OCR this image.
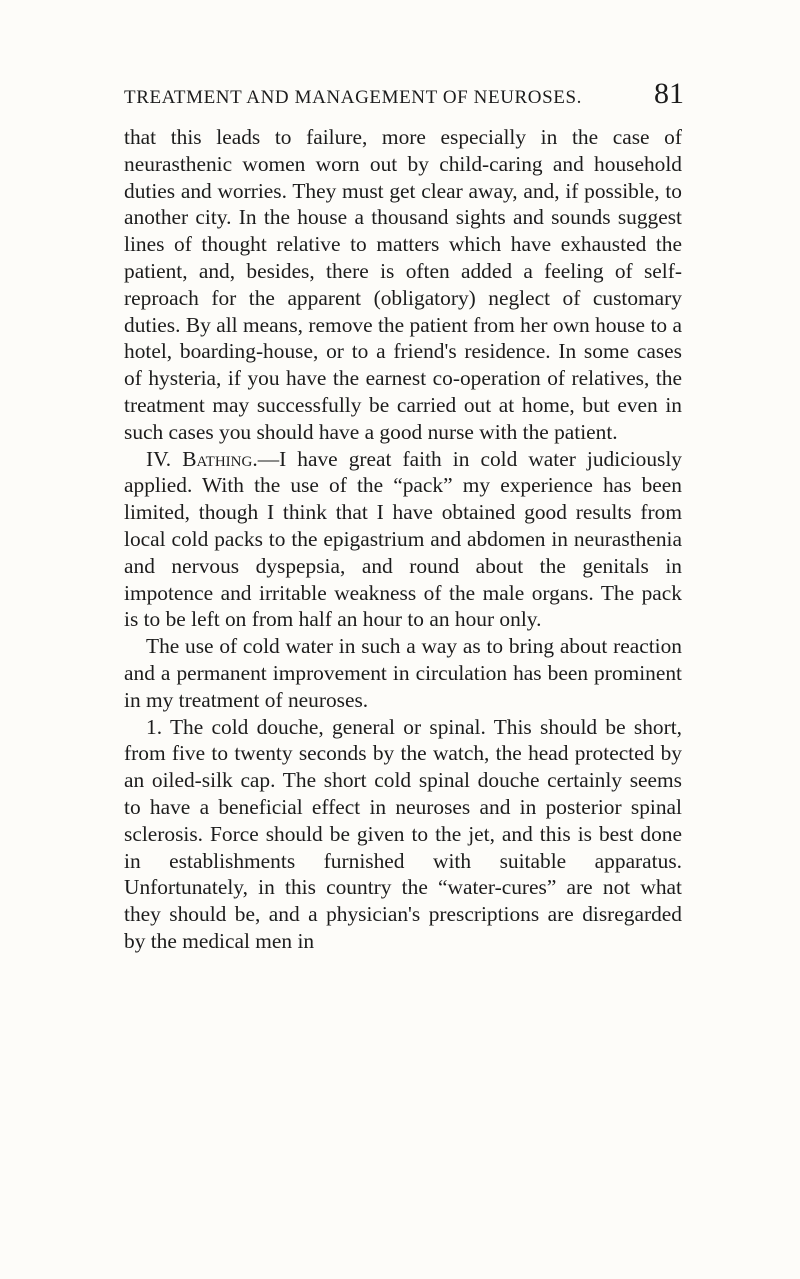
TREATMENT AND MANAGEMENT OF NEUROSES. 81

that this leads to failure, more especially in the case of neurasthenic women worn out by child-caring and household duties and worries. They must get clear away, and, if possible, to another city. In the house a thousand sights and sounds suggest lines of thought relative to matters which have exhausted the patient, and, besides, there is often added a feeling of self-reproach for the apparent (obligatory) neglect of customary duties. By all means, remove the patient from her own house to a hotel, boarding-house, or to a friend's residence. In some cases of hysteria, if you have the earnest co-operation of relatives, the treatment may successfully be carried out at home, but even in such cases you should have a good nurse with the patient.

IV. Bathing.—I have great faith in cold water judiciously applied. With the use of the “pack” my experience has been limited, though I think that I have obtained good results from local cold packs to the epigastrium and abdomen in neurasthenia and nervous dyspepsia, and round about the genitals in impotence and irritable weakness of the male organs. The pack is to be left on from half an hour to an hour only.

The use of cold water in such a way as to bring about reaction and a permanent improvement in circulation has been prominent in my treatment of neuroses.

1. The cold douche, general or spinal. This should be short, from five to twenty seconds by the watch, the head protected by an oiled-silk cap. The short cold spinal douche certainly seems to have a beneficial effect in neuroses and in posterior spinal sclerosis. Force should be given to the jet, and this is best done in establishments furnished with suitable apparatus. Unfortunately, in this country the “water-cures” are not what they should be, and a physician's prescriptions are disregarded by the medical men in
